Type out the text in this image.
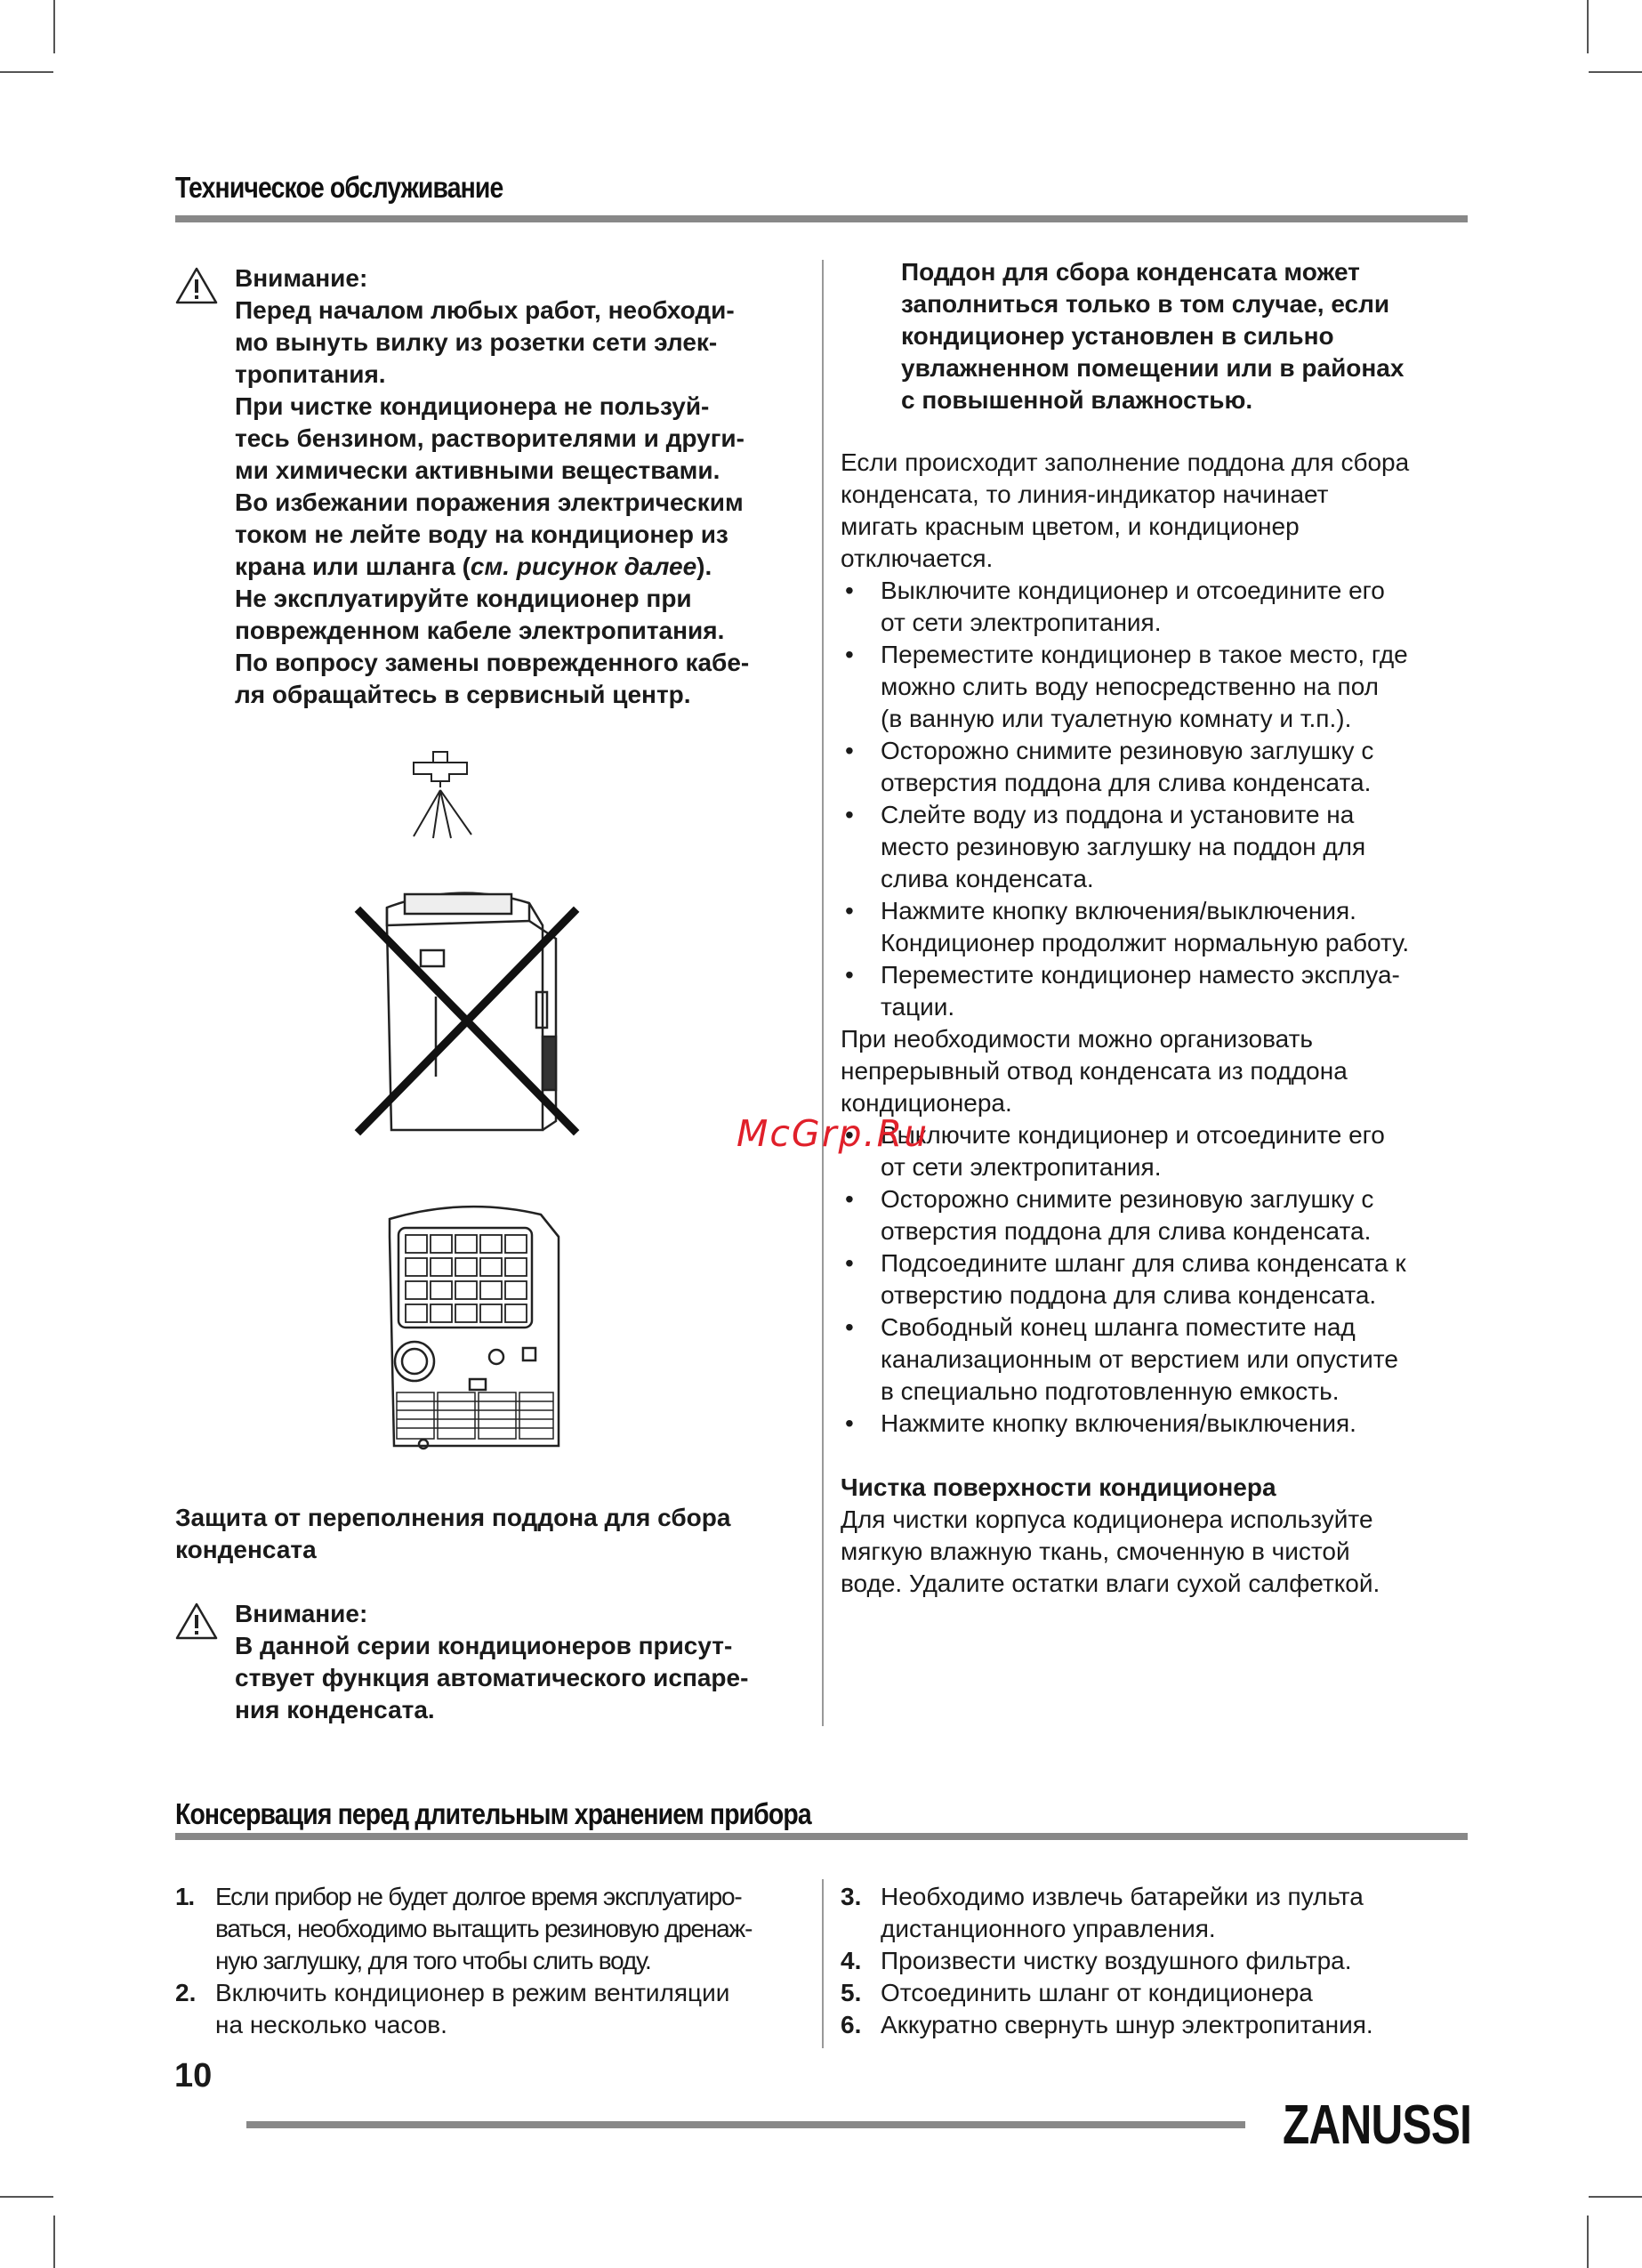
Техническое обслуживание

Внимание:

Перед началом любых работ, необходи-

мо вынуть вилку из розетки сети элек-

тропитания.

При чистке кондиционера не пользуй-

тесь бензином, растворителями и други-

ми химически активными веществами.

Во избежании поражения электрическим

током не лейте воду на кондиционер из

крана или шланга (см. рисунок далее).

Не эксплуатируйте кондиционер при

поврежденном кабеле электропитания.

По вопросу замены поврежденного кабе-

ля обращайтесь в сервисный центр.

Защита от переполнения поддона для сбора

конденсата

Внимание:

В данной серии кондиционеров присут-

ствует функция автоматического испаре-

ния конденсата.

Поддон для сбора конденсата может

заполниться только в том случае, если

кондиционер установлен в сильно

увлажненном помещении или в районах

с повышенной влажностью.

Если происходит заполнение поддона для сбора

конденсата, то линия-индикатор начинает

мигать красным цветом, и кондиционер

отключается.

• Выключите кондиционер и отсоедините его

от сети электропитания.

• Переместите кондиционер в такое место, где

можно слить воду непосредственно на пол

(в ванную или туалетную комнату и т.п.).

• Осторожно снимите резиновую заглушку с

отверстия поддона для слива конденсата.

• Слейте воду из поддона и установите на

место резиновую заглушку на поддон для

слива конденсата.

• Нажмите кнопку включения/выключения.

Кондиционер продолжит нормальную работу.

• Переместите кондиционер наместо эксплуа-

тации.

При необходимости можно организовать

непрерывный отвод конденсата из поддона

кондиционера.

• Выключите кондиционер и отсоедините его

от сети электропитания.

• Осторожно снимите резиновую заглушку с

отверстия поддона для слива конденсата.

• Подсоедините шланг для слива конденсата к

отверстию поддона для слива конденсата.

• Свободный конец шланга поместите над

канализационным от верстием или опустите

в специально подготовленную емкость.

• Нажмите кнопку включения/выключения.

Чистка поверхности кондиционера

Для чистки корпуса кодиционера используйте

мягкую влажную ткань, смоченную в чистой

воде. Удалите остатки влаги сухой салфеткой.

McGrp.Ru
Консервация перед длительным хранением прибора
1. Если прибор не будет долгое время эксплуатиро-

ваться, необходимо вытащить резиновую дренаж-

ную заглушку, для того чтобы слить воду.

2. Включить кондиционер в режим вентиляции

на несколько часов.

3. Необходимо извлечь батарейки из пульта

дистанционного управления.

4. Произвести чистку воздушного фильтра.

5. Отсоединить шланг от кондиционера

6. Аккуратно свернуть шнур электропитания.

10
ZANUSSI
